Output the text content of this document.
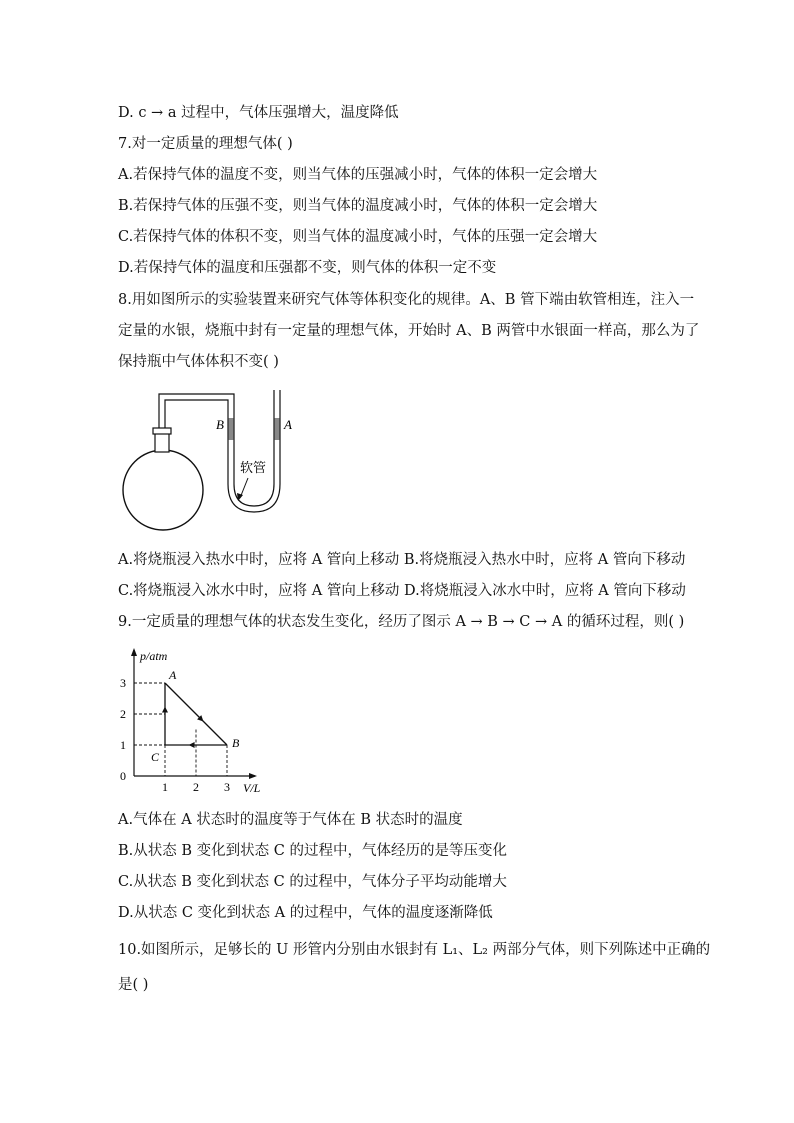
D. c → a 过程中，气体压强增大，温度降低
7.对一定质量的理想气体( )
A.若保持气体的温度不变，则当气体的压强减小时，气体的体积一定会增大
B.若保持气体的压强不变，则当气体的温度减小时，气体的体积一定会增大
C.若保持气体的体积不变，则当气体的温度减小时，气体的压强一定会增大
D.若保持气体的温度和压强都不变，则气体的体积一定不变
8.用如图所示的实验装置来研究气体等体积变化的规律。A、B 管下端由软管相连，注入一
定量的水银，烧瓶中封有一定量的理想气体，开始时 A、B 两管中水银面一样高，那么为了
保持瓶中气体体积不变( )
B	A
软管
A.将烧瓶浸入热水中时，应将 A 管向上移动 B.将烧瓶浸入热水中时，应将 A 管向下移动
C.将烧瓶浸入冰水中时，应将 A 管向上移动 D.将烧瓶浸入冰水中时，应将 A 管向下移动
9.一定质量的理想气体的状态发生变化，经历了图示 A → B → C → A 的循环过程，则( )
p/atm
V/L
0
1
2
3
1 2 3
A
B
C
A.气体在 A 状态时的温度等于气体在 B 状态时的温度
B.从状态 B 变化到状态 C 的过程中，气体经历的是等压变化
C.从状态 B 变化到状态 C 的过程中，气体分子平均动能增大
D.从状态 C 变化到状态 A 的过程中，气体的温度逐渐降低
10.如图所示，足够长的 U 形管内分别由水银封有 L₁、L₂ 两部分气体，则下列陈述中正确的
是( )
